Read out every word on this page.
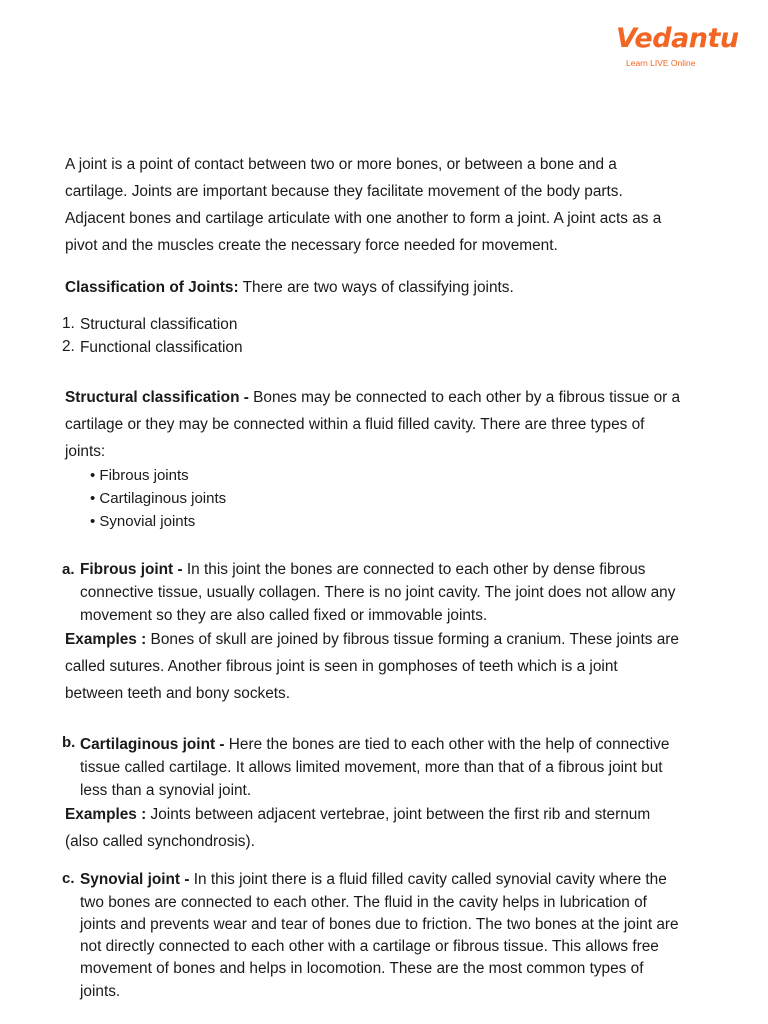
Vedantu
Learn LIVE Online
A joint is a point of contact between two or more bones, or between a bone and a
cartilage. Joints are important because they facilitate movement of the body parts.
Adjacent bones and cartilage articulate with one another to form a joint. A joint acts as a
pivot and the muscles create the necessary force needed for movement.
Classification of Joints: There are two ways of classifying joints.
1. Structural classification
2. Functional classification
Structural classification - Bones may be connected to each other by a fibrous tissue or a
cartilage or they may be connected within a fluid filled cavity. There are three types of
joints:
• Fibrous joints
• Cartilaginous joints
• Synovial joints
a. Fibrous joint - In this joint the bones are connected to each other by dense fibrous
connective tissue, usually collagen. There is no joint cavity. The joint does not allow any
movement so they are also called fixed or immovable joints.
Examples : Bones of skull are joined by fibrous tissue forming a cranium. These joints are
called sutures. Another fibrous joint is seen in gomphoses of teeth which is a joint
between teeth and bony sockets.
b. Cartilaginous joint - Here the bones are tied to each other with the help of connective
tissue called cartilage. It allows limited movement, more than that of a fibrous joint but
less than a synovial joint.
Examples : Joints between adjacent vertebrae, joint between the first rib and sternum
(also called synchondrosis).
c. Synovial joint - In this joint there is a fluid filled cavity called synovial cavity where the
two bones are connected to each other. The fluid in the cavity helps in lubrication of
joints and prevents wear and tear of bones due to friction. The two bones at the joint are
not directly connected to each other with a cartilage or fibrous tissue. This allows free
movement of bones and helps in locomotion. These are the most common types of
joints.
